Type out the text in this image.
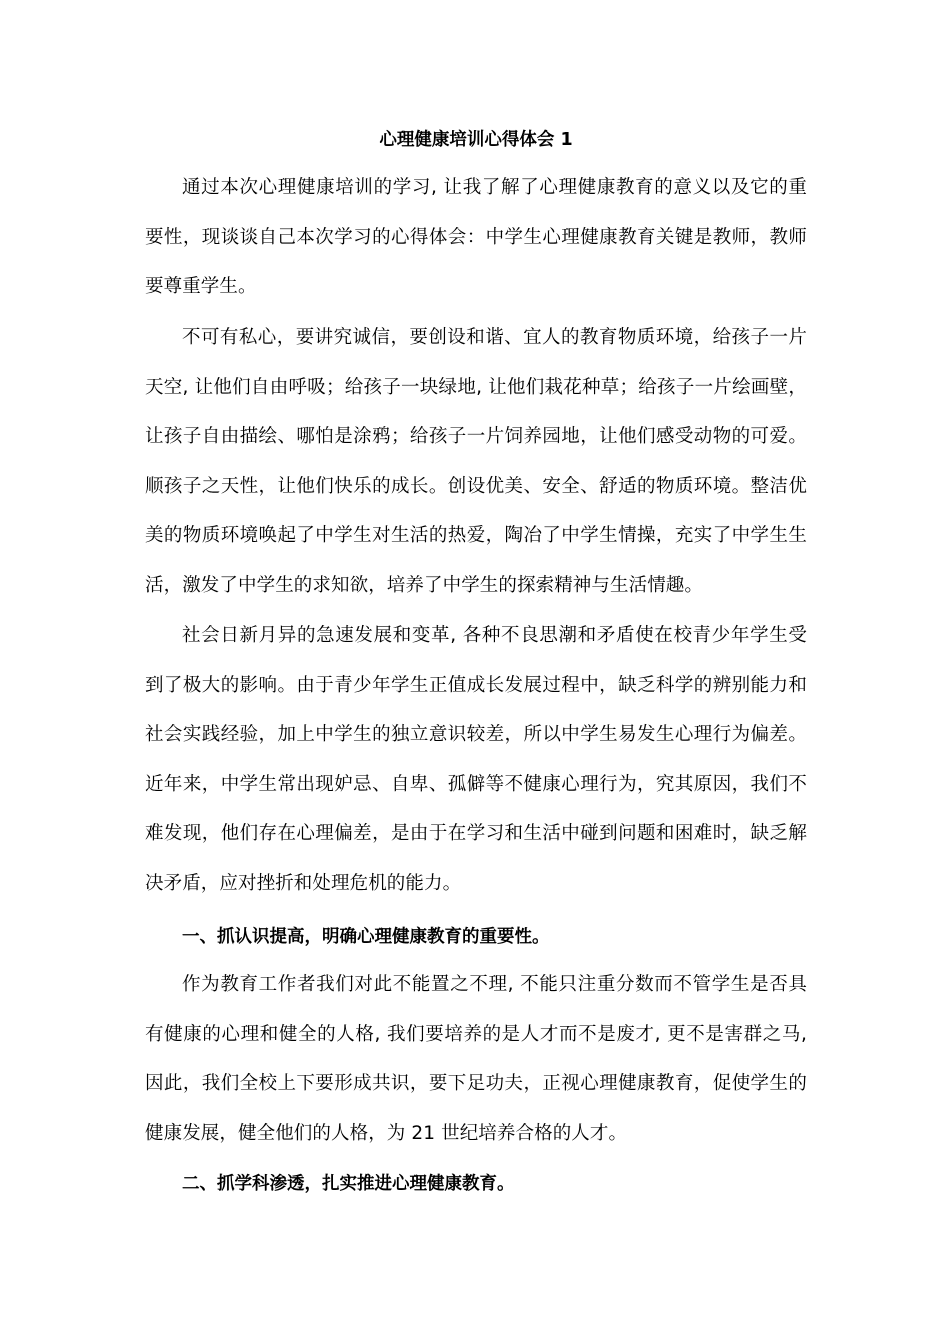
心理健康培训心得体会 1

通过本次心理健康培训的学习, 让我了解了心理健康教育的意义以及它的重要性，现谈谈自己本次学习的心得体会：中学生心理健康教育关键是教师，教师要尊重学生。

不可有私心，要讲究诚信，要创设和谐、宜人的教育物质环境，给孩子一片天空, 让他们自由呼吸；给孩子一块绿地, 让他们栽花种草；给孩子一片绘画壁，让孩子自由描绘、哪怕是涂鸦；给孩子一片饲养园地，让他们感受动物的可爱。顺孩子之天性，让他们快乐的成长。创设优美、安全、舒适的物质环境。整洁优美的物质环境唤起了中学生对生活的热爱，陶冶了中学生情操，充实了中学生生活，激发了中学生的求知欲，培养了中学生的探索精神与生活情趣。

社会日新月异的急速发展和变革, 各种不良思潮和矛盾使在校青少年学生受到了极大的影响。由于青少年学生正值成长发展过程中，缺乏科学的辨别能力和社会实践经验，加上中学生的独立意识较差，所以中学生易发生心理行为偏差。近年来，中学生常出现妒忌、自卑、孤僻等不健康心理行为，究其原因，我们不难发现，他们存在心理偏差，是由于在学习和生活中碰到问题和困难时，缺乏解决矛盾，应对挫折和处理危机的能力。

一、抓认识提高，明确心理健康教育的重要性。

作为教育工作者我们对此不能置之不理, 不能只注重分数而不管学生是否具有健康的心理和健全的人格, 我们要培养的是人才而不是废才, 更不是害群之马,因此，我们全校上下要形成共识，要下足功夫，正视心理健康教育，促使学生的健康发展，健全他们的人格，为 21 世纪培养合格的人才。

二、抓学科渗透，扎实推进心理健康教育。
